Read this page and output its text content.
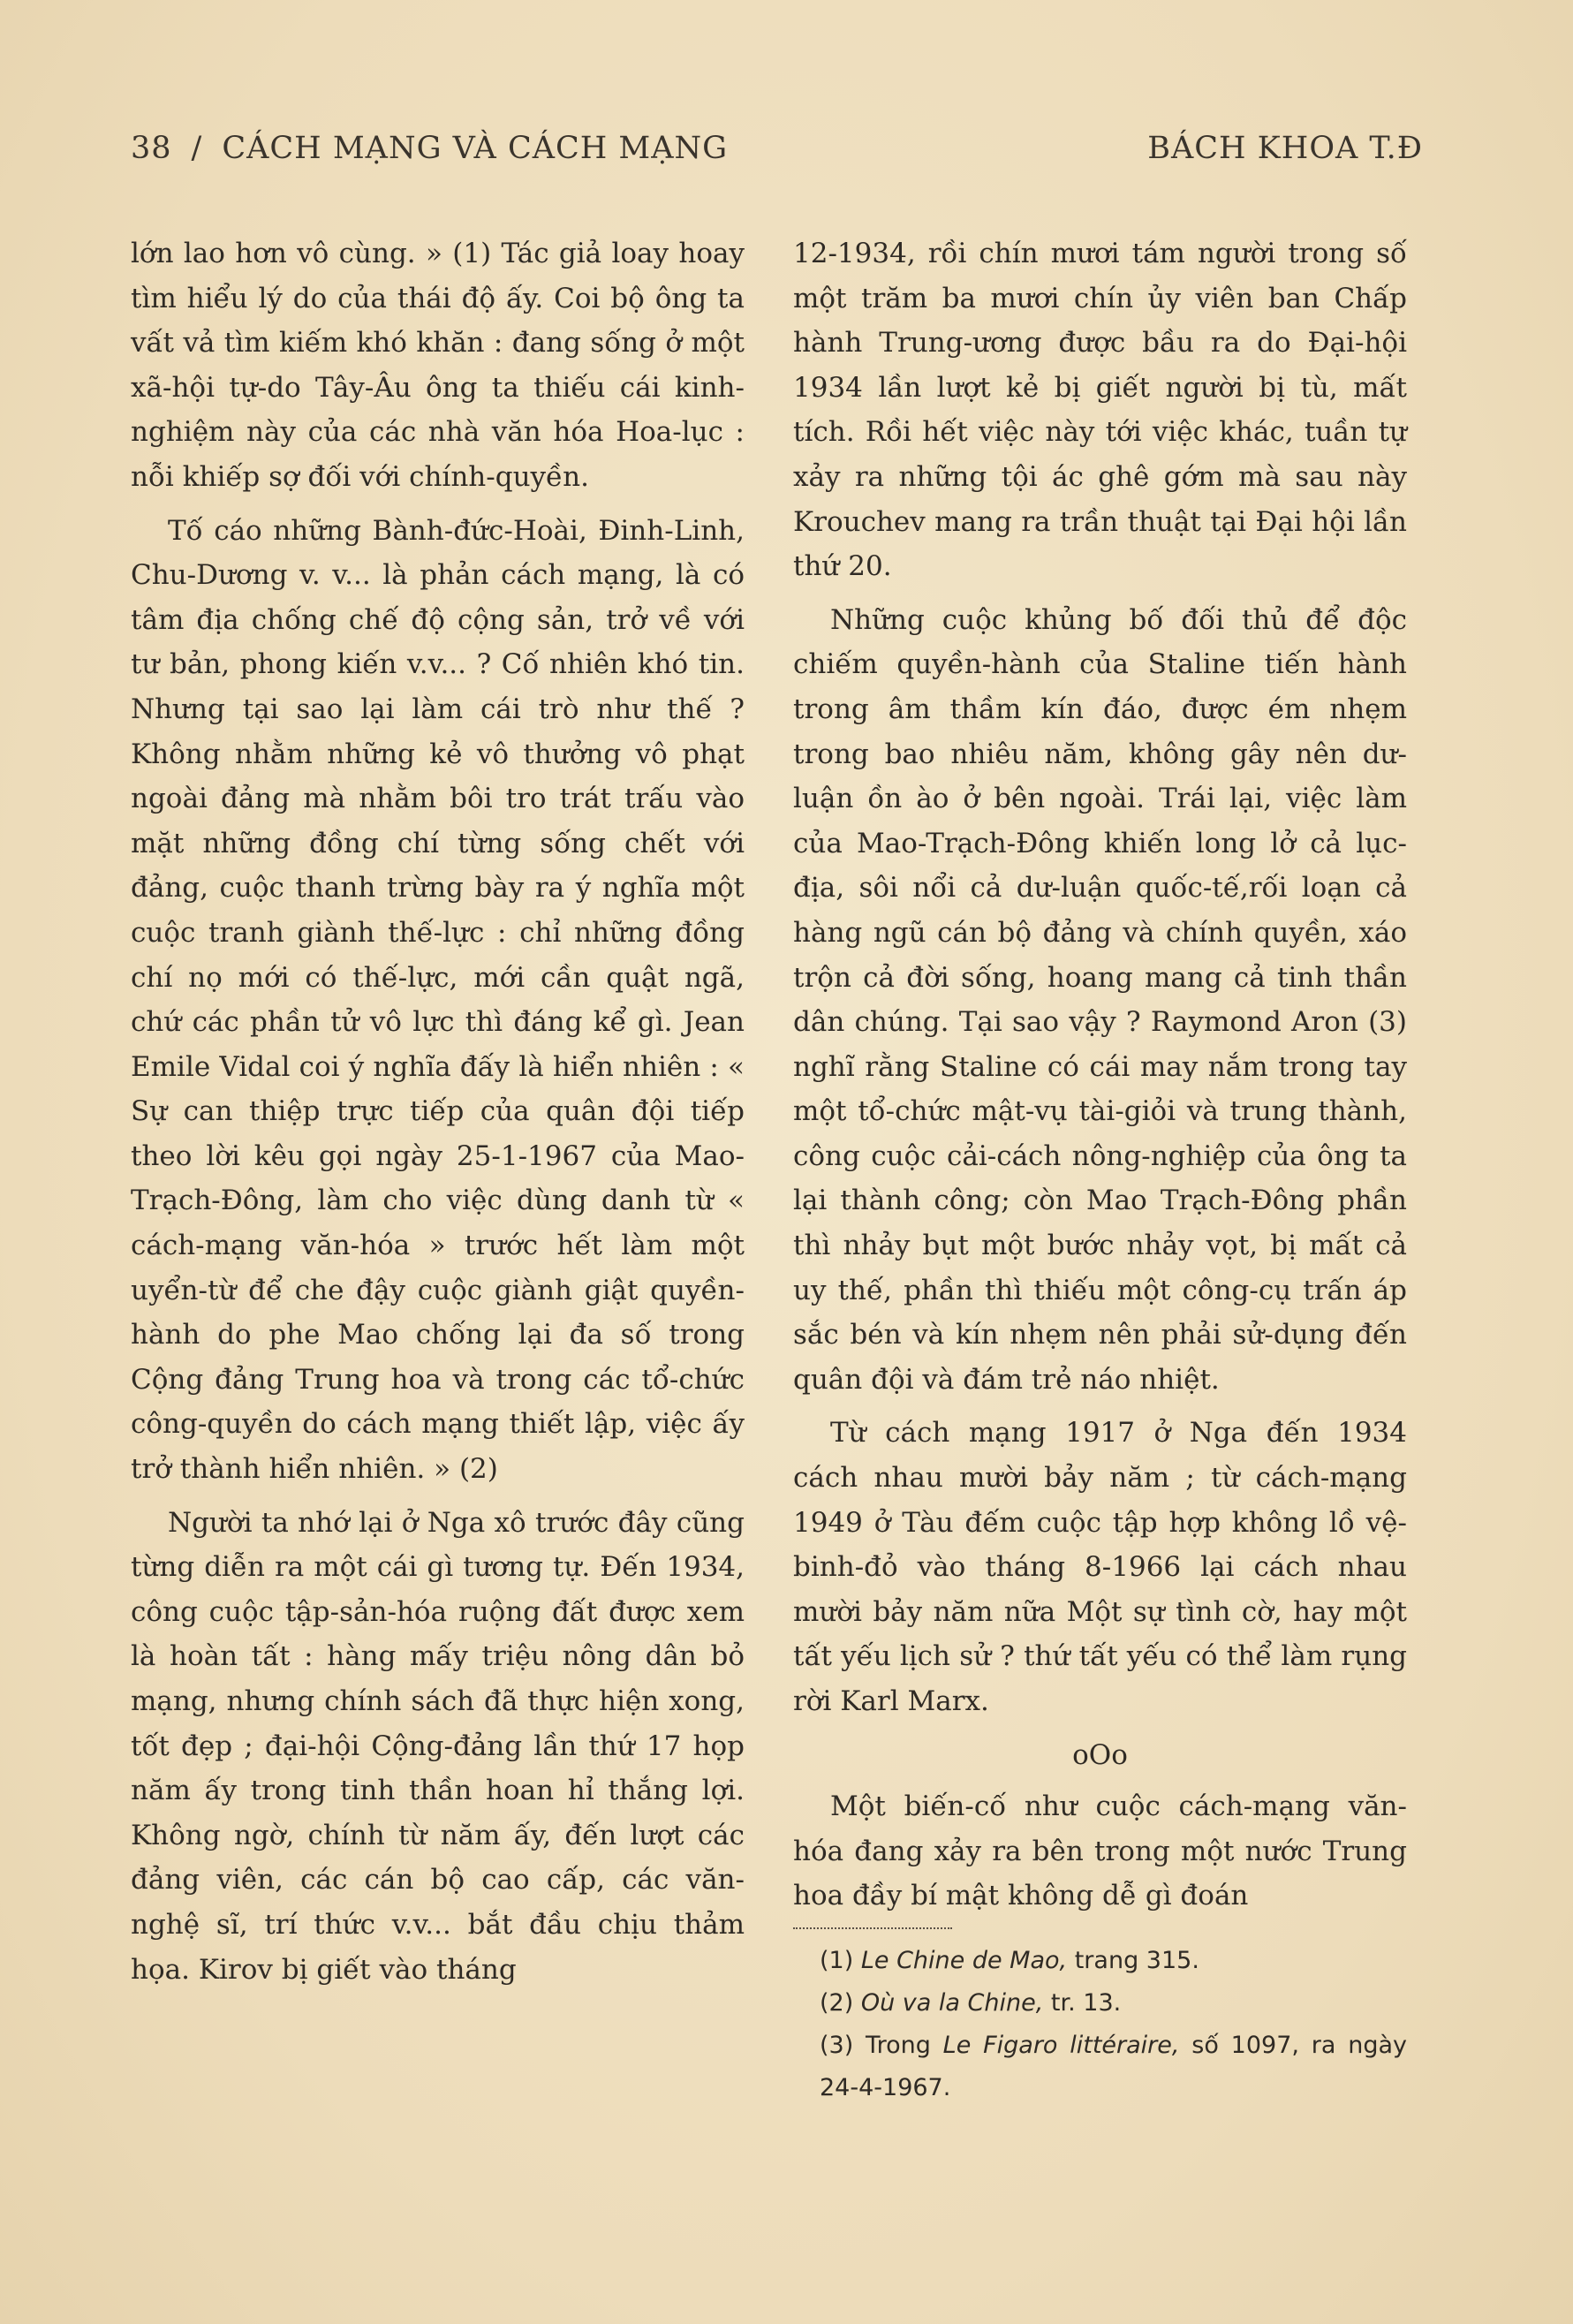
38 / CÁCH MẠNG VÀ CÁCH MẠNG	BÁCH KHOA T.Đ

lớn lao hơn vô cùng. » (1) Tác giả loay hoay tìm hiểu lý do của thái độ ấy. Coi bộ ông ta vất vả tìm kiếm khó khăn : đang sống ở một xã-hội tự-do Tây-Âu ông ta thiếu cái kinh-nghiệm này của các nhà văn hóa Hoa-lục : nỗi khiếp sợ đối với chính-quyền.

Tố cáo những Bành-đức-Hoài, Đinh-Linh, Chu-Dương v. v... là phản cách mạng, là có tâm địa chống chế độ cộng sản, trở về với tư bản, phong kiến v.v... ? Cố nhiên khó tin. Nhưng tại sao lại làm cái trò như thế ? Không nhằm những kẻ vô thưởng vô phạt ngoài đảng mà nhằm bôi tro trát trấu vào mặt những đồng chí từng sống chết với đảng, cuộc thanh trừng bày ra ý nghĩa một cuộc tranh giành thế-lực : chỉ những đồng chí nọ mới có thế-lực, mới cần quật ngã, chứ các phần tử vô lực thì đáng kể gì. Jean Emile Vidal coi ý nghĩa đấy là hiển nhiên : « Sự can thiệp trực tiếp của quân đội tiếp theo lời kêu gọi ngày 25-1-1967 của Mao-Trạch-Đông, làm cho việc dùng danh từ « cách-mạng văn-hóa » trước hết làm một uyển-từ để che đậy cuộc giành giật quyền-hành do phe Mao chống lại đa số trong Cộng đảng Trung hoa và trong các tổ-chức công-quyền do cách mạng thiết lập, việc ấy trở thành hiển nhiên. » (2)

Người ta nhớ lại ở Nga xô trước đây cũng từng diễn ra một cái gì tương tự. Đến 1934, công cuộc tập-sản-hóa ruộng đất được xem là hoàn tất : hàng mấy triệu nông dân bỏ mạng, nhưng chính sách đã thực hiện xong, tốt đẹp ; đại-hội Cộng-đảng lần thứ 17 họp năm ấy trong tinh thần hoan hỉ thắng lợi. Không ngờ, chính từ năm ấy, đến lượt các đảng viên, các cán bộ cao cấp, các văn-nghệ sĩ, trí thức v.v... bắt đầu chịu thảm họa. Kirov bị giết vào tháng

12-1934, rồi chín mươi tám người trong số một trăm ba mươi chín ủy viên ban Chấp hành Trung-ương được bầu ra do Đại-hội 1934 lần lượt kẻ bị giết người bị tù, mất tích. Rồi hết việc này tới việc khác, tuần tự xảy ra những tội ác ghê gớm mà sau này Krouchev mang ra trần thuật tại Đại hội lần thứ 20.

Những cuộc khủng bố đối thủ để độc chiếm quyền-hành của Staline tiến hành trong âm thầm kín đáo, được ém nhẹm trong bao nhiêu năm, không gây nên dư-luận ồn ào ở bên ngoài. Trái lại, việc làm của Mao-Trạch-Đông khiến long lở cả lục-địa, sôi nổi cả dư-luận quốc-tế,rối loạn cả hàng ngũ cán bộ đảng và chính quyền, xáo trộn cả đời sống, hoang mang cả tinh thần dân chúng. Tại sao vậy ? Raymond Aron (3) nghĩ rằng Staline có cái may nắm trong tay một tổ-chức mật-vụ tài-giỏi và trung thành, công cuộc cải-cách nông-nghiệp của ông ta lại thành công; còn Mao Trạch-Đông phần thì nhảy bụt một bước nhảy vọt, bị mất cả uy thế, phần thì thiếu một công-cụ trấn áp sắc bén và kín nhẹm nên phải sử-dụng đến quân đội và đám trẻ náo nhiệt.

Từ cách mạng 1917 ở Nga đến 1934 cách nhau mười bảy năm ; từ cách-mạng 1949 ở Tàu đếm cuộc tập hợp không lồ vệ-binh-đỏ vào tháng 8-1966 lại cách nhau mười bảy năm nữa Một sự tình cờ, hay một tất yếu lịch sử ? thứ tất yếu có thể làm rụng rời Karl Marx.

oOo

Một biến-cố như cuộc cách-mạng văn-hóa đang xảy ra bên trong một nước Trung hoa đầy bí mật không dễ gì đoán

(1) Le Chine de Mao, trang 315.

(2) Où va la Chine, tr. 13.

(3) Trong Le Figaro littéraire, số 1097, ra ngày 24-4-1967.
